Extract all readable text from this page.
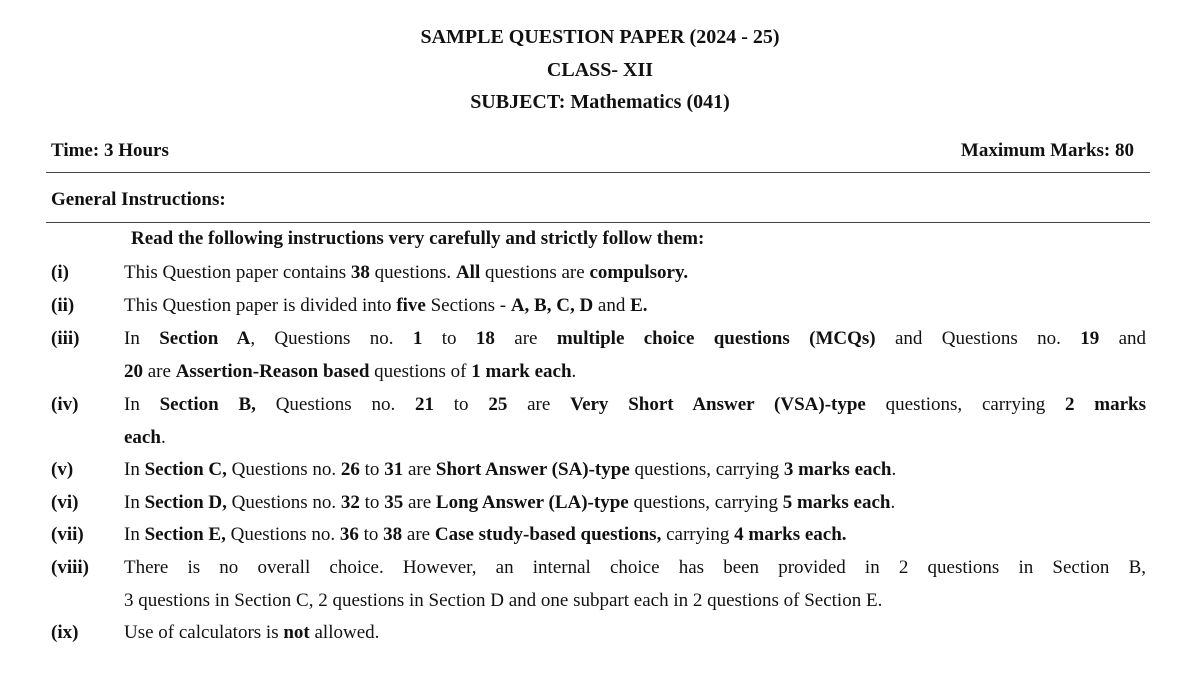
SAMPLE QUESTION PAPER (2024 - 25)
CLASS- XII
SUBJECT: Mathematics (041)
Time: 3 Hours	Maximum Marks: 80
General Instructions:
Read the following instructions very carefully and strictly follow them:
(i)	This Question paper contains 38 questions. All questions are compulsory.
(ii)	This Question paper is divided into five Sections - A, B, C, D and E.
(iii) In Section A, Questions no. 1 to 18 are multiple choice questions (MCQs) and Questions no. 19 and
20 are Assertion-Reason based questions of 1 mark each.
(iv) In Section B, Questions no. 21 to 25 are Very Short Answer (VSA)-type questions, carrying 2 marks
each.
(v)	In Section C, Questions no. 26 to 31 are Short Answer (SA)-type questions, carrying 3 marks each.
(vi) In Section D, Questions no. 32 to 35 are Long Answer (LA)-type questions, carrying 5 marks each.
(vii) In Section E, Questions no. 36 to 38 are Case study-based questions, carrying 4 marks each.
(viii) There is no overall choice. However, an internal choice has been provided in 2 questions in Section B,
3 questions in Section C, 2 questions in Section D and one subpart each in 2 questions of Section E.
(ix) Use of calculators is not allowed.
